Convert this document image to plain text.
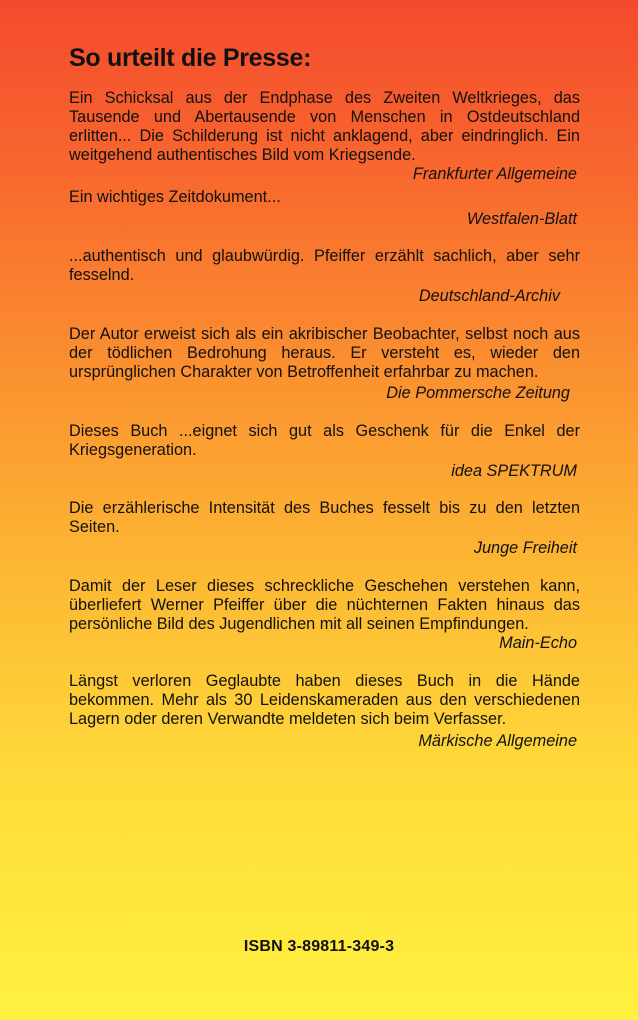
So urteilt die Presse:

Ein Schicksal aus der Endphase des Zweiten Weltkrieges, das Tausende und Abertausende von Menschen in Ostdeutschland erlitten... Die Schilderung ist nicht anklagend, aber eindringlich. Ein weitgehend authentisches Bild vom Kriegsende.

Frankfurter Allgemeine

Ein wichtiges Zeitdokument...

Westfalen-Blatt

...authentisch und glaubwürdig. Pfeiffer erzählt sachlich, aber sehr fesselnd.

Deutschland-Archiv

Der Autor erweist sich als ein akribischer Beobachter, selbst noch aus der tödlichen Bedrohung heraus. Er versteht es, wieder den ursprünglichen Charakter von Betroffenheit erfahrbar zu machen.

Die Pommersche Zeitung

Dieses Buch ...eignet sich gut als Geschenk für die Enkel der Kriegsgeneration.

idea SPEKTRUM

Die erzählerische Intensität des Buches fesselt bis zu den letzten Seiten.

Junge Freiheit

Damit der Leser dieses schreckliche Geschehen verstehen kann, überliefert Werner Pfeiffer über die nüchternen Fakten hinaus das persönliche Bild des Jugendlichen mit all seinen Empfindungen.

Main-Echo

Längst verloren Geglaubte haben dieses Buch in die Hände bekommen. Mehr als 30 Leidenskameraden aus den verschiedenen Lagern oder deren Verwandte meldeten sich beim Verfasser.

Märkische Allgemeine

ISBN 3-89811-349-3
